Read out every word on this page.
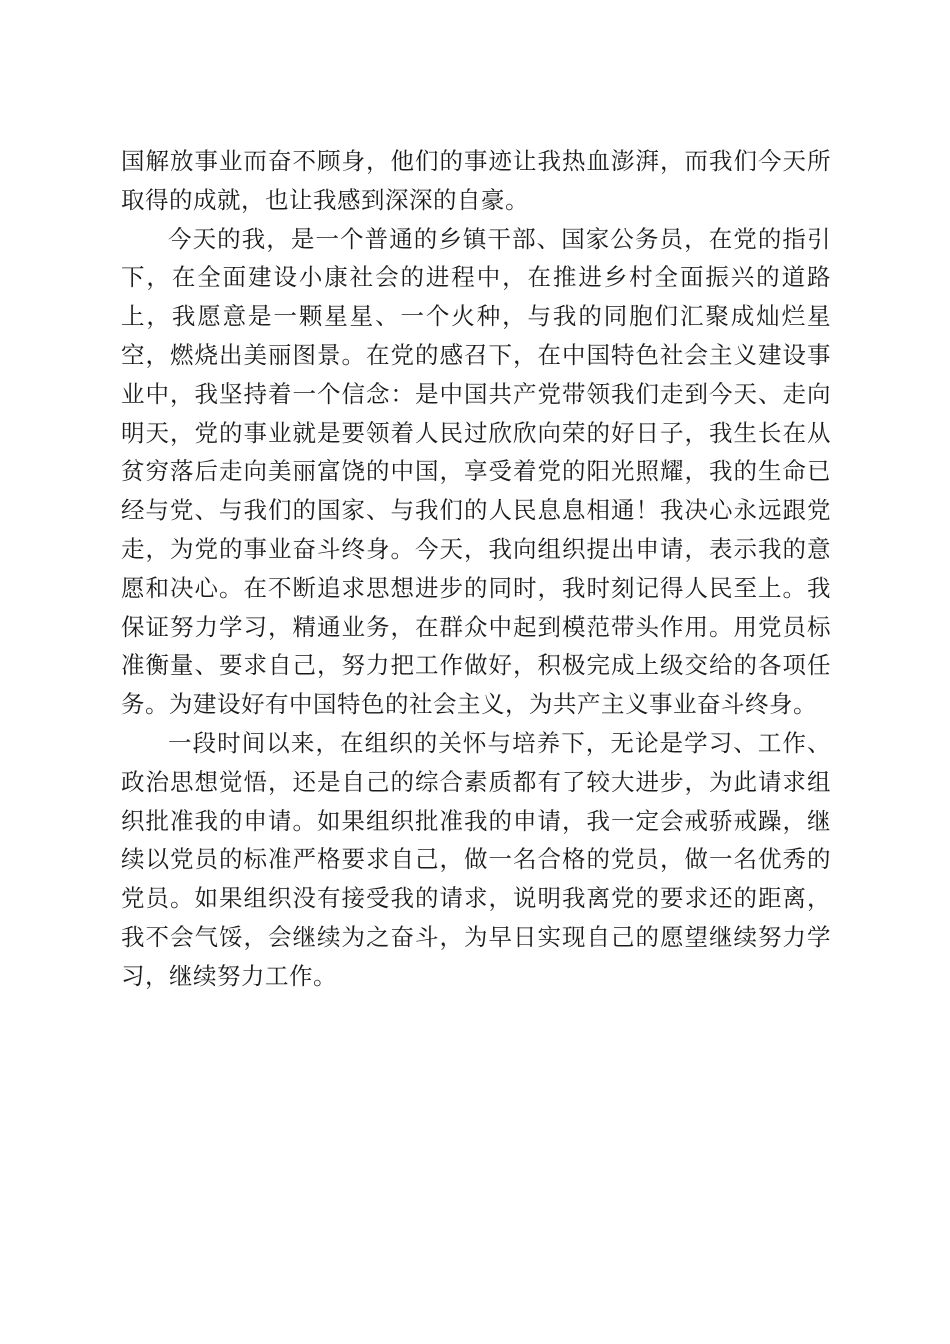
国解放事业而奋不顾身，他们的事迹让我热血澎湃，而我们今天所取得的成就，也让我感到深深的自豪。

今天的我，是一个普通的乡镇干部、国家公务员，在党的指引下，在全面建设小康社会的进程中，在推进乡村全面振兴的道路上，我愿意是一颗星星、一个火种，与我的同胞们汇聚成灿烂星空，燃烧出美丽图景。在党的感召下，在中国特色社会主义建设事业中，我坚持着一个信念：是中国共产党带领我们走到今天、走向明天，党的事业就是要领着人民过欣欣向荣的好日子，我生长在从贫穷落后走向美丽富饶的中国，享受着党的阳光照耀，我的生命已经与党、与我们的国家、与我们的人民息息相通！我决心永远跟党走，为党的事业奋斗终身。今天，我向组织提出申请，表示我的意愿和决心。在不断追求思想进步的同时，我时刻记得人民至上。我保证努力学习，精通业务，在群众中起到模范带头作用。用党员标准衡量、要求自己，努力把工作做好，积极完成上级交给的各项任务。为建设好有中国特色的社会主义，为共产主义事业奋斗终身。

一段时间以来，在组织的关怀与培养下，无论是学习、工作、政治思想觉悟，还是自己的综合素质都有了较大进步，为此请求组织批准我的申请。如果组织批准我的申请，我一定会戒骄戒躁，继续以党员的标准严格要求自己，做一名合格的党员，做一名优秀的党员。如果组织没有接受我的请求，说明我离党的要求还的距离，我不会气馁，会继续为之奋斗，为早日实现自己的愿望继续努力学习，继续努力工作。
